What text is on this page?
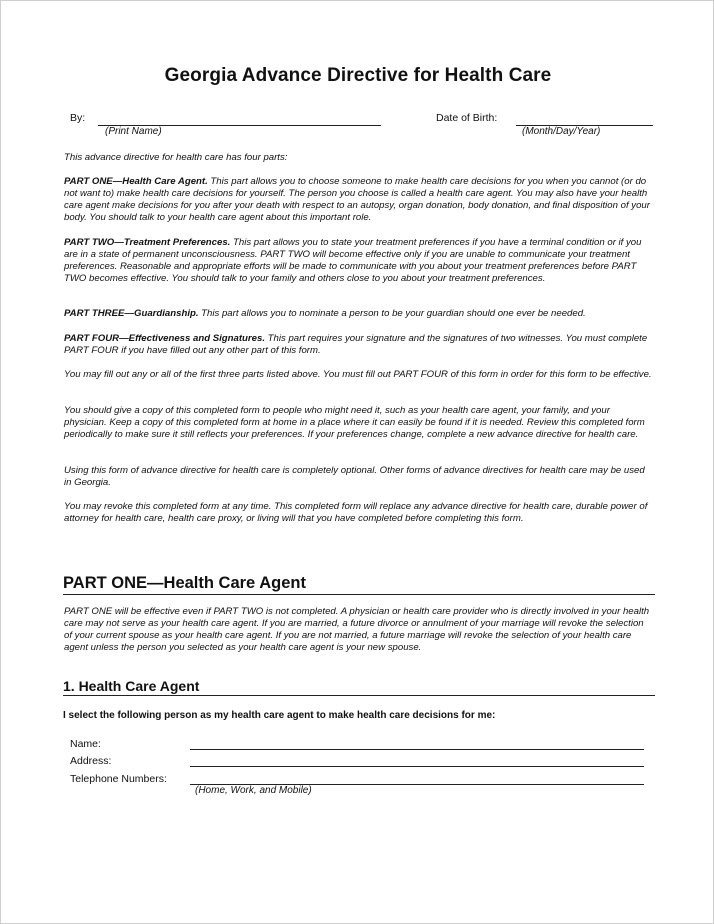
Georgia Advance Directive for Health Care
By:
(Print Name)
Date of Birth:
(Month/Day/Year)

This advance directive for health care has four parts:

PART ONE—Health Care Agent. This part allows you to choose someone to make health care decisions for you when you cannot (or do not want to) make health care decisions for yourself. The person you choose is called a health care agent. You may also have your health care agent make decisions for you after your death with respect to an autopsy, organ donation, body donation, and final disposition of your body. You should talk to your health care agent about this important role.

PART TWO—Treatment Preferences. This part allows you to state your treatment preferences if you have a terminal condition or if you are in a state of permanent unconsciousness. PART TWO will become effective only if you are unable to communicate your treatment preferences. Reasonable and appropriate efforts will be made to communicate with you about your treatment preferences before PART TWO becomes effective. You should talk to your family and others close to you about your treatment preferences.

PART THREE—Guardianship. This part allows you to nominate a person to be your guardian should one ever be needed.

PART FOUR—Effectiveness and Signatures. This part requires your signature and the signatures of two witnesses. You must complete PART FOUR if you have filled out any other part of this form.

You may fill out any or all of the first three parts listed above. You must fill out PART FOUR of this form in order for this form to be effective.

You should give a copy of this completed form to people who might need it, such as your health care agent, your family, and your physician. Keep a copy of this completed form at home in a place where it can easily be found if it is needed. Review this completed form periodically to make sure it still reflects your preferences. If your preferences change, complete a new advance directive for health care.

Using this form of advance directive for health care is completely optional. Other forms of advance directives for health care may be used in Georgia.

You may revoke this completed form at any time. This completed form will replace any advance directive for health care, durable power of attorney for health care, health care proxy, or living will that you have completed before completing this form.

PART ONE—Health Care Agent

PART ONE will be effective even if PART TWO is not completed. A physician or health care provider who is directly involved in your health care may not serve as your health care agent. If you are married, a future divorce or annulment of your marriage will revoke the selection of your current spouse as your health care agent. If you are not married, a future marriage will revoke the selection of your health care agent unless the person you selected as your health care agent is your new spouse.

1. Health Care Agent
I select the following person as my health care agent to make health care decisions for me:
Name:
Address:
Telephone Numbers:
(Home, Work, and Mobile)
